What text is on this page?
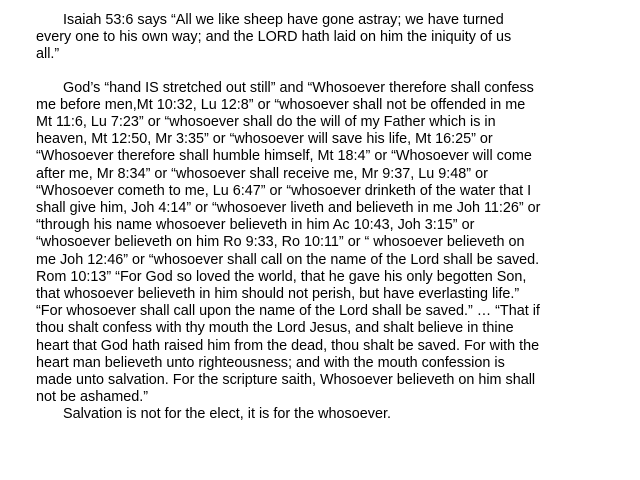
Isaiah 53:6 says “All we like sheep have gone astray; we have turned
every one to his own way; and the LORD hath laid on him the iniquity of us
all.”

God’s “hand IS stretched out still” and “Whosoever therefore shall confess
me before men,Mt 10:32, Lu 12:8” or “whosoever shall not be offended in me
Mt 11:6, Lu 7:23” or “whosoever shall do the will of my Father which is in
heaven, Mt 12:50, Mr 3:35” or “whosoever will save his life, Mt 16:25” or
“Whosoever therefore shall humble himself, Mt 18:4” or “Whosoever will come
after me, Mr 8:34” or “whosoever shall receive me, Mr 9:37, Lu 9:48” or
“Whosoever cometh to me, Lu 6:47” or “whosoever drinketh of the water that I
shall give him, Joh 4:14” or “whosoever liveth and believeth in me Joh 11:26” or
“through his name whosoever believeth in him Ac 10:43, Joh 3:15” or
“whosoever believeth on him Ro 9:33, Ro 10:11” or “ whosoever believeth on
me Joh 12:46” or “whosoever shall call on the name of the Lord shall be saved.
Rom 10:13” “For God so loved the world, that he gave his only begotten Son,
that whosoever believeth in him should not perish, but have everlasting life.”
“For whosoever shall call upon the name of the Lord shall be saved.” … “That if
thou shalt confess with thy mouth the Lord Jesus, and shalt believe in thine
heart that God hath raised him from the dead, thou shalt be saved. For with the
heart man believeth unto righteousness; and with the mouth confession is
made unto salvation. For the scripture saith, Whosoever believeth on him shall
not be ashamed.”

Salvation is not for the elect, it is for the whosoever.
